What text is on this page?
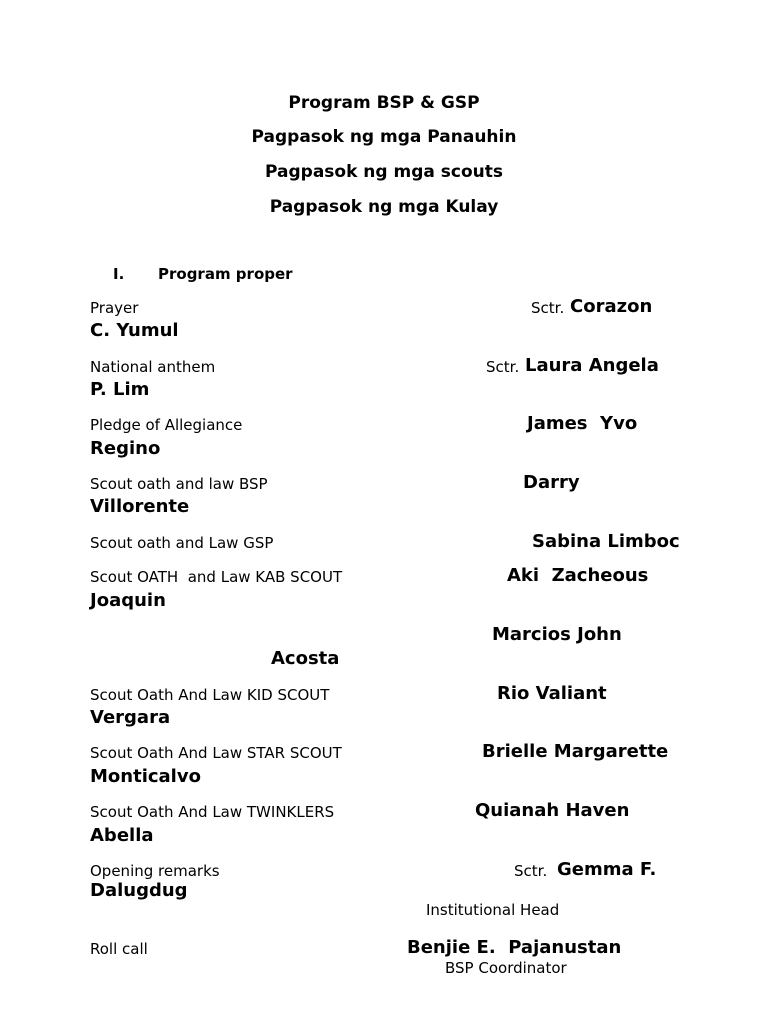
Program BSP & GSP
Pagpasok ng mga Panauhin
Pagpasok ng mga scouts
Pagpasok ng mga Kulay
I. Program proper
Prayer	Sctr. Corazon
C. Yumul
National anthem	Sctr. Laura Angela
P. Lim
Pledge of Allegiance	James  Yvo
Regino
Scout oath and law BSP	Darry
Villorente
Scout oath and Law GSP	Sabina Limboc
Scout OATH  and Law KAB SCOUT	Aki  Zacheous
Joaquin
Marcios John
Acosta
Scout Oath And Law KID SCOUT	Rio Valiant
Vergara
Scout Oath And Law STAR SCOUT	Brielle Margarette
Monticalvo
Scout Oath And Law TWINKLERS	Quianah Haven
Abella
Opening remarks	Sctr. Gemma F.
Dalugdug
Institutional Head
Roll call	Benjie E.  Pajanustan
BSP Coordinator
